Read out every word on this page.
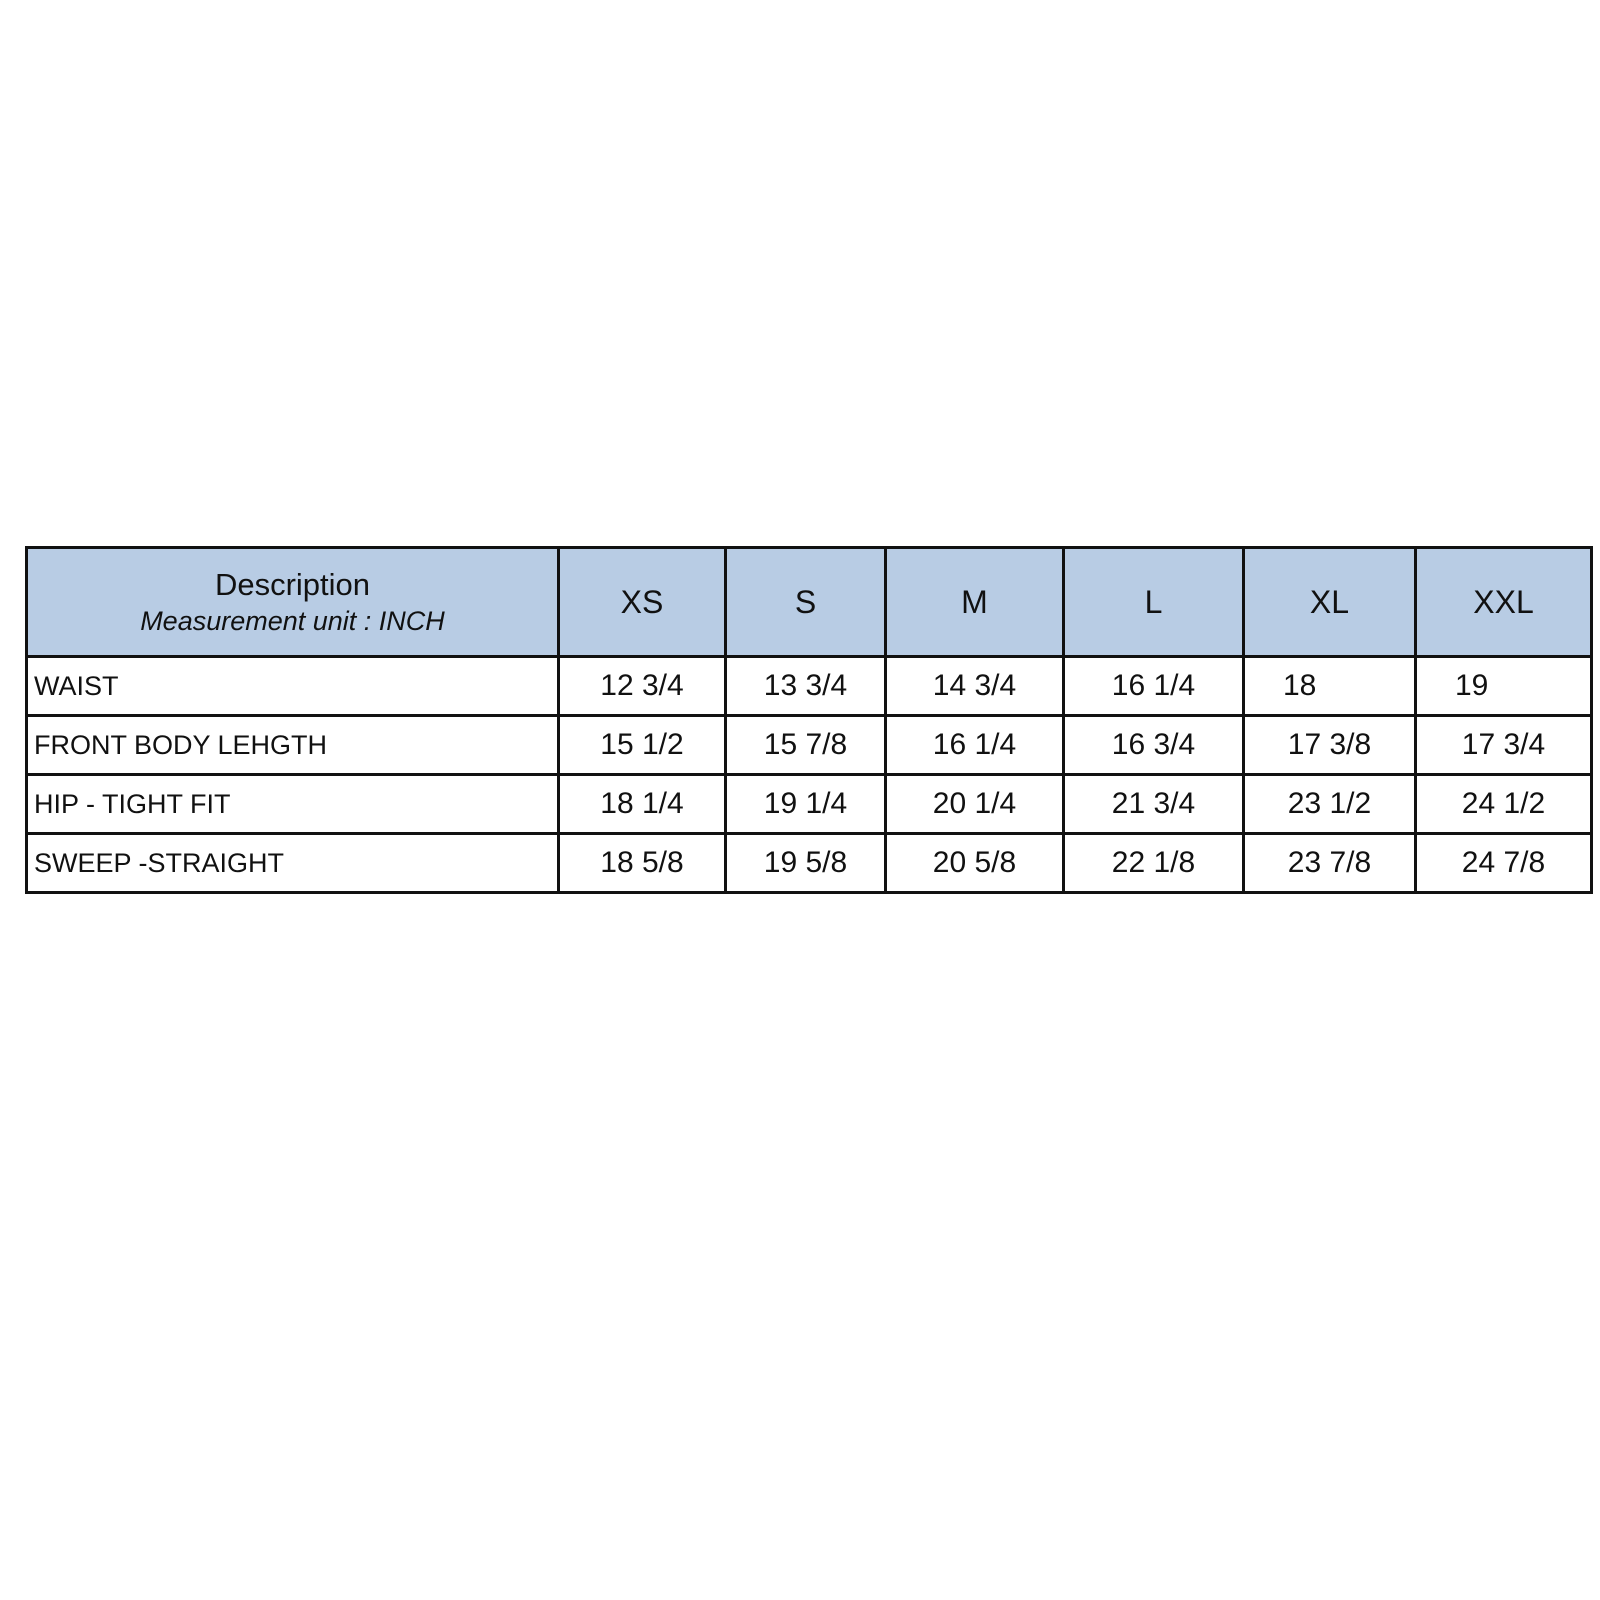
Description
Measurement unit : INCH	XS	S	M	L	XL	XXL
WAIST	12 3/4	13 3/4	14 3/4	16 1/4	18	19
FRONT BODY LEHGTH	15 1/2	15 7/8	16 1/4	16 3/4	17 3/8	17 3/4
HIP - TIGHT FIT	18 1/4	19 1/4	20 1/4	21 3/4	23 1/2	24 1/2
SWEEP -STRAIGHT	18 5/8	19 5/8	20 5/8	22 1/8	23 7/8	24 7/8
